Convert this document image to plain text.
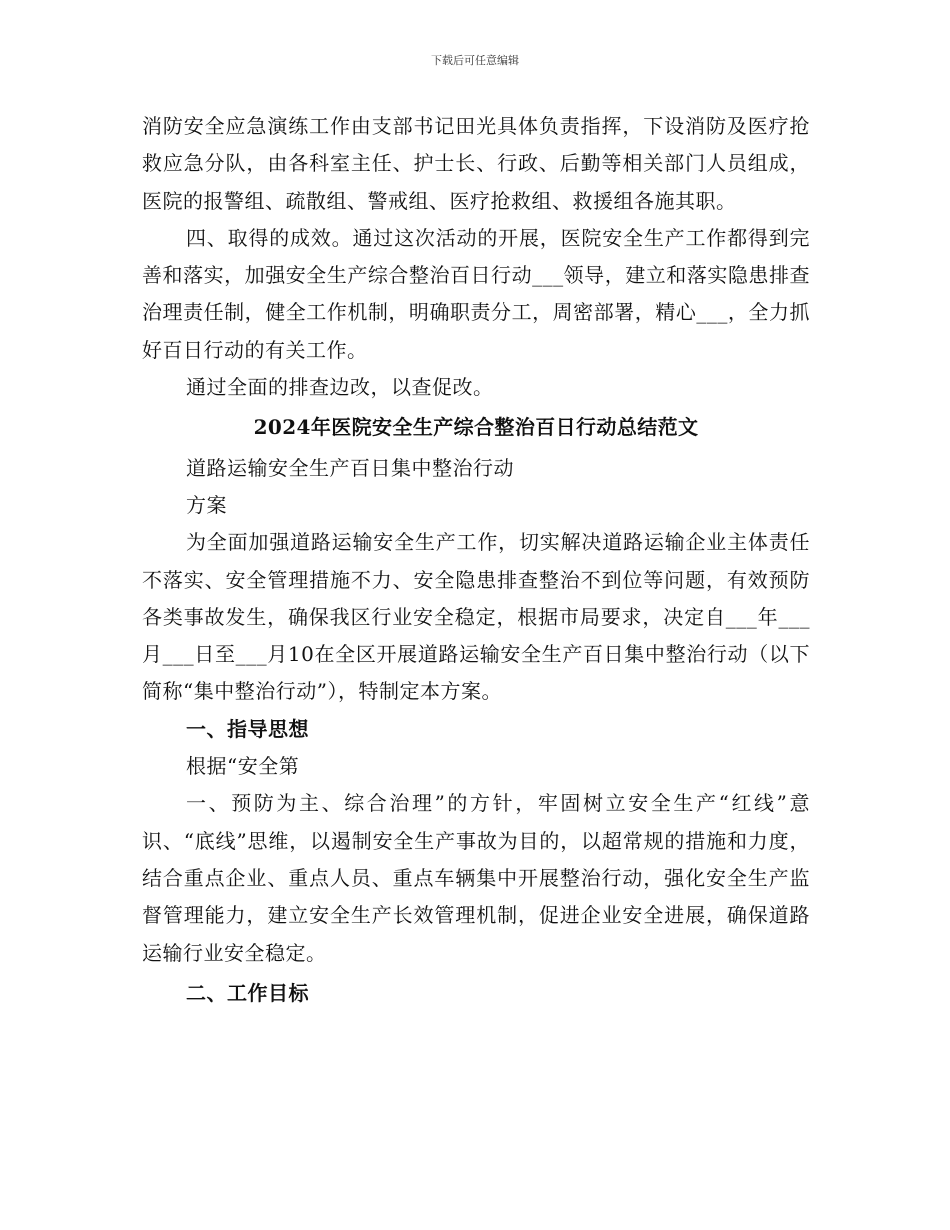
下载后可任意编辑

消防安全应急演练工作由支部书记田光具体负责指挥，下设消防及医疗抢救应急分队，由各科室主任、护士长、行政、后勤等相关部门人员组成，医院的报警组、疏散组、警戒组、医疗抢救组、救援组各施其职。

四、取得的成效。通过这次活动的开展，医院安全生产工作都得到完善和落实，加强安全生产综合整治百日行动___领导，建立和落实隐患排查治理责任制，健全工作机制，明确职责分工，周密部署，精心___，全力抓好百日行动的有关工作。

通过全面的排查边改，以查促改。

2024年医院安全生产综合整治百日行动总结范文

道路运输安全生产百日集中整治行动

方案

为全面加强道路运输安全生产工作，切实解决道路运输企业主体责任不落实、安全管理措施不力、安全隐患排查整治不到位等问题，有效预防各类事故发生，确保我区行业安全稳定，根据市局要求，决定自___年___月___日至___月10在全区开展道路运输安全生产百日集中整治行动（以下简称“集中整治行动”），特制定本方案。

一、指导思想

根据“安全第

一、预防为主、综合治理”的方针，牢固树立安全生产“红线”意识、“底线”思维，以遏制安全生产事故为目的，以超常规的措施和力度，结合重点企业、重点人员、重点车辆集中开展整治行动，强化安全生产监督管理能力，建立安全生产长效管理机制，促进企业安全进展，确保道路运输行业安全稳定。

二、工作目标
